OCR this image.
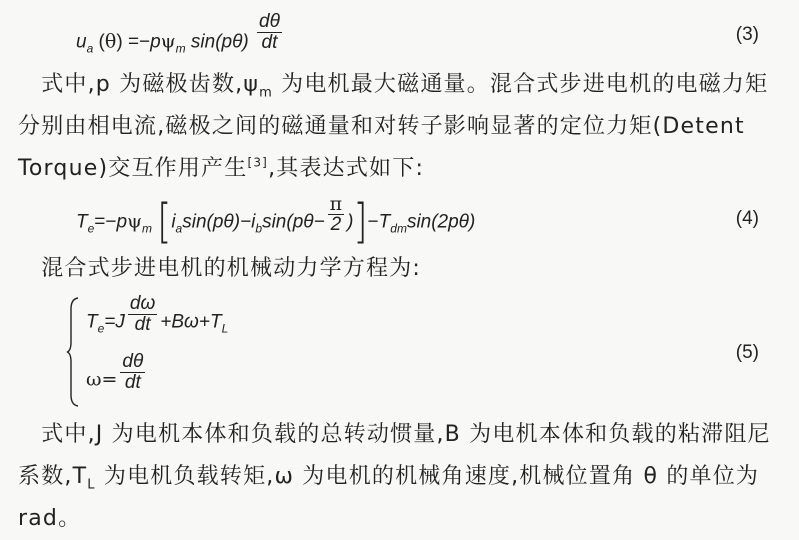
$u_a$ $(\theta) =-p\psi_m$ $\sin(p\theta) \frac{d\theta}{dt}$	(3)
　式中,p 为磁极齿数$,\psi_m$ 为电机最大磁通量。混合式步进电机的电磁力矩分别由相电流,磁极之间的磁通量和对转子影响显著的定位力矩(Detent Torque)交互作用产生[3],其表达式如下:
$T_e=-p\psi_m$ $[i_a\sin(p\theta)-i_b\sin(p\theta- \frac{\pi}{2} )]-T_{dm}\sin(2p\theta)$	(4)
　混合式步进电机的机械动力学方程为:
$T_e=J \frac{d\omega}{dt} +B\omega+T_L$
$\omega= \frac{d\theta}{dt}$	(5)
　式中,J 为电机本体和负载的总转动惯量,B 为电机本体和负载的粘滞阻尼系数$,T_L$ 为电机负载转矩,ω 为电机的机械角速度,机械位置角 θ 的单位为 rad。
